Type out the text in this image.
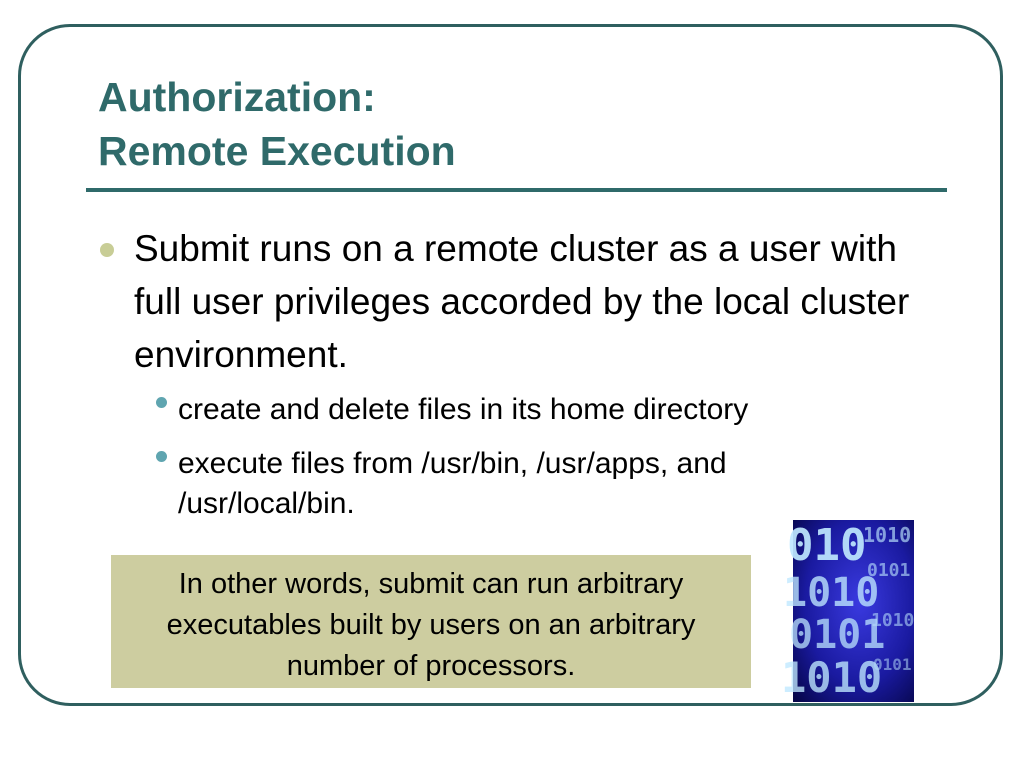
Authorization:
Remote Execution
Submit runs on a remote cluster as a user with full user privileges accorded by the local cluster environment.
create and delete files in its home directory
execute files from /usr/bin, /usr/apps, and /usr/local/bin.
In other words, submit can run arbitrary executables built by users on an arbitrary number of processors.
010
1010
0101
1010
1010
0101
1010
0101
